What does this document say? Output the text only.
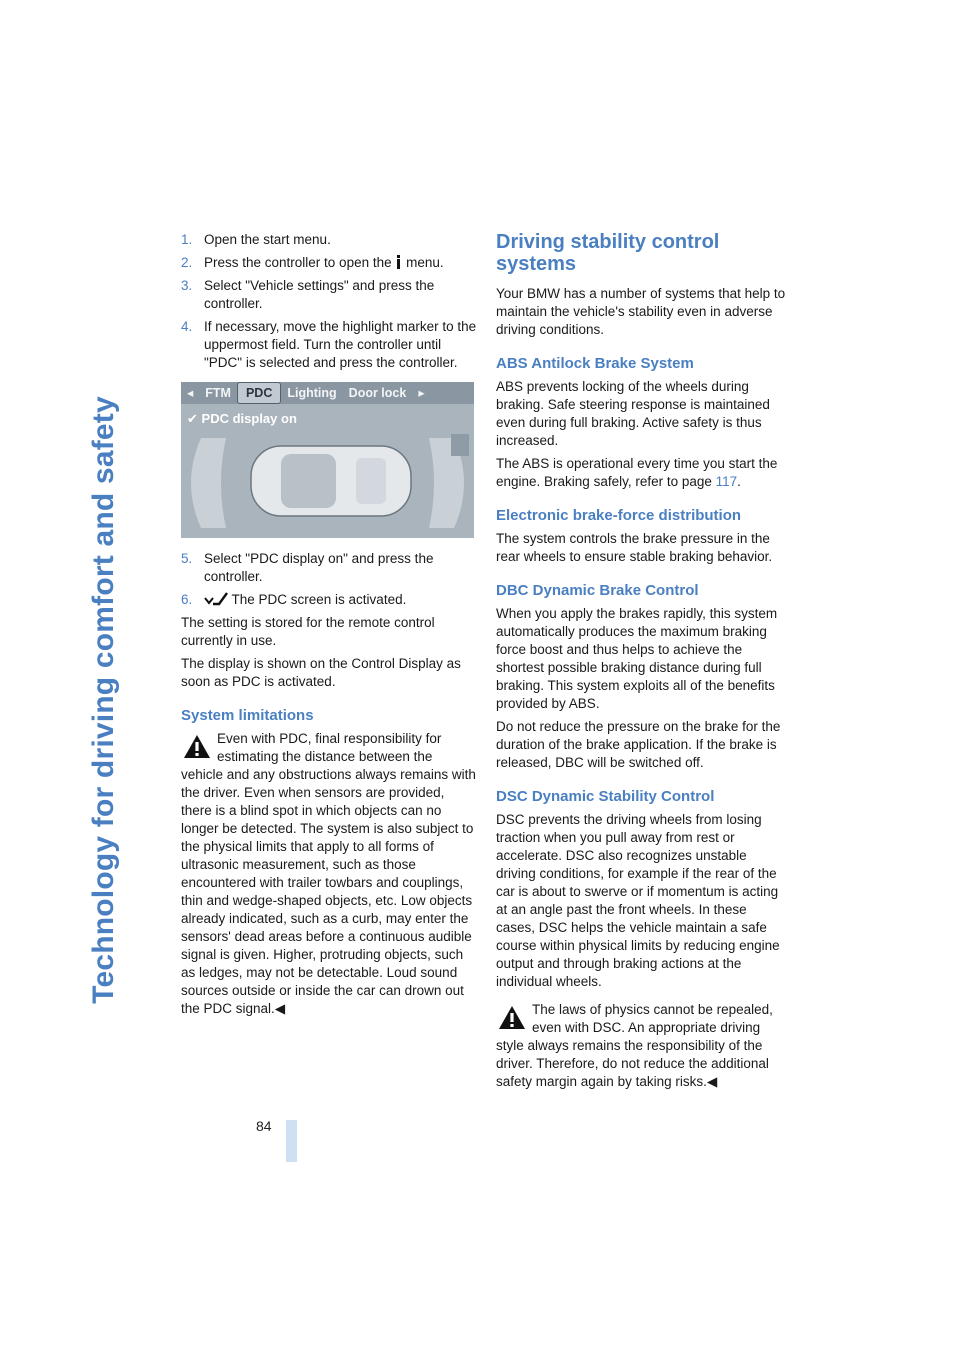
Technology for driving comfort and safety
1. Open the start menu.
2. Press the controller to open the  menu.
3. Select "Vehicle settings" and press the controller.
4. If necessary, move the highlight marker to the uppermost field. Turn the controller until "PDC" is selected and press the controller.
◂ FTM	PDC	Lighting Door lock ▸
✔ PDC display on
5. Select "PDC display on" and press the controller.
6.	The PDC screen is activated.

The setting is stored for the remote control currently in use.

The display is shown on the Control Display as soon as PDC is activated.

System limitations
Even with PDC, final responsibility for estimating the distance between the
vehicle and any obstructions always remains with the driver. Even when sensors are provided, there is a blind spot in which objects can no longer be detected. The system is also subject to the physical limits that apply to all forms of ultrasonic measurement, such as those encountered with trailer towbars and couplings, thin and wedge-shaped objects, etc. Low objects already indicated, such as a curb, may enter the sensors' dead areas before a continuous audible signal is given. Higher, protruding objects, such as ledges, may not be detectable. Loud sound sources outside or inside the car can drown out the PDC signal.◀
Driving stability control systems

Your BMW has a number of systems that help to maintain the vehicle's stability even in adverse driving conditions.

ABS Antilock Brake System

ABS prevents locking of the wheels during braking. Safe steering response is maintained even during full braking. Active safety is thus increased.

The ABS is operational every time you start the engine. Braking safely, refer to page 117.

Electronic brake-force distribution

The system controls the brake pressure in the rear wheels to ensure stable braking behavior.

DBC Dynamic Brake Control

When you apply the brakes rapidly, this system automatically produces the maximum braking force boost and thus helps to achieve the shortest possible braking distance during full braking. This system exploits all of the benefits provided by ABS.

Do not reduce the pressure on the brake for the duration of the brake application. If the brake is released, DBC will be switched off.

DSC Dynamic Stability Control

DSC prevents the driving wheels from losing traction when you pull away from rest or accelerate. DSC also recognizes unstable driving conditions, for example if the rear of the car is about to swerve or if momentum is acting at an angle past the front wheels. In these cases, DSC helps the vehicle maintain a safe course within physical limits by reducing engine output and through braking actions at the individual wheels.

The laws of physics cannot be repealed, even with DSC. An appropriate driving
style always remains the responsibility of the driver. Therefore, do not reduce the additional safety margin again by taking risks.◀
84
